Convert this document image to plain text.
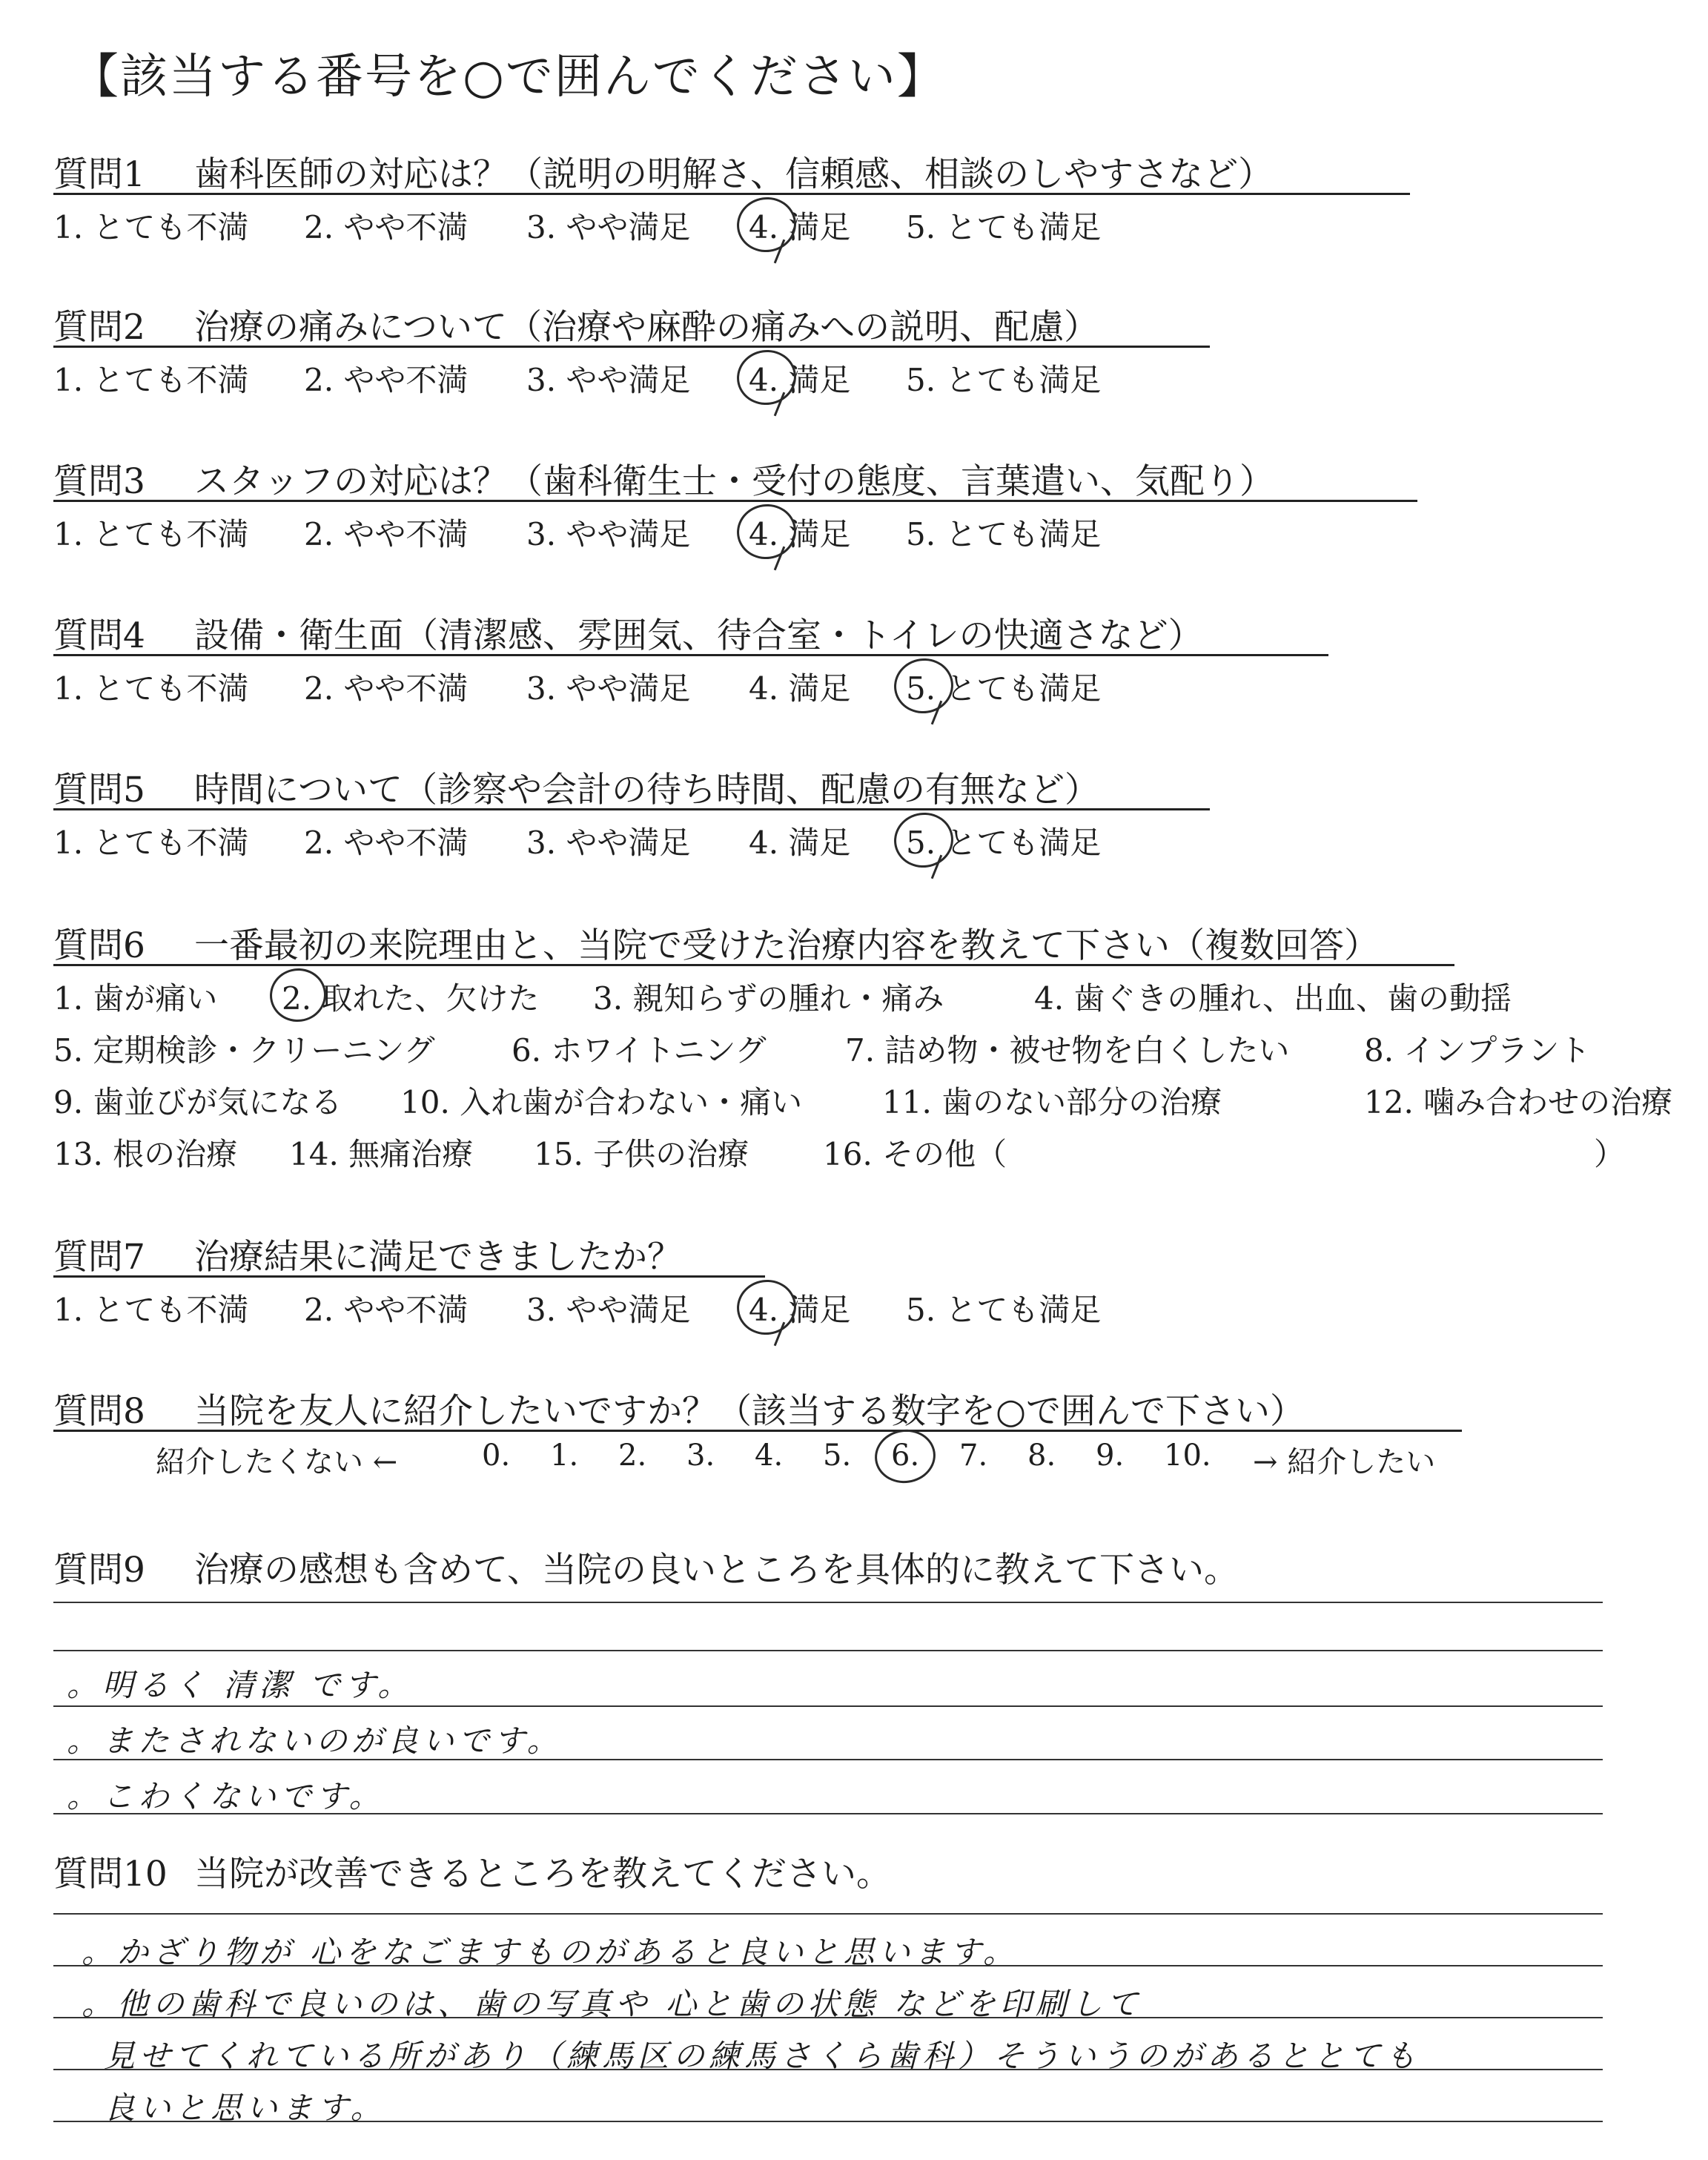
【該当する番号を○で囲んでください】
質問1 歯科医師の対応は？（説明の明解さ、信頼感、相談のしやすさなど）
1. とても不満 2. やや不満 3. やや満足 4. 満足 5. とても満足
質問2 治療の痛みについて（治療や麻酔の痛みへの説明、配慮）
1. とても不満 2. やや不満 3. やや満足 4. 満足 5. とても満足
質問3 スタッフの対応は？（歯科衛生士・受付の態度、言葉遣い、気配り）
1. とても不満 2. やや不満 3. やや満足 4. 満足 5. とても満足
質問4 設備・衛生面（清潔感、雰囲気、待合室・トイレの快適さなど）
1. とても不満 2. やや不満 3. やや満足 4. 満足 5. とても満足
質問5 時間について（診察や会計の待ち時間、配慮の有無など）
1. とても不満 2. やや不満 3. やや満足 4. 満足 5. とても満足
質問6 一番最初の来院理由と、当院で受けた治療内容を教えて下さい（複数回答）
1. 歯が痛い 2. 取れた、欠けた 3. 親知らずの腫れ・痛み	4. 歯ぐきの腫れ、出血、歯の動揺
5. 定期検診・クリーニング 6. ホワイトニング	7. 詰め物・被せ物を白くしたい 8. インプラント
9. 歯並びが気になる 10. 入れ歯が合わない・痛い	11. 歯のない部分の治療	12. 噛み合わせの治療
13. 根の治療 14. 無痛治療 15. 子供の治療 16. その他（	）
質問7 治療結果に満足できましたか？
1. とても不満 2. やや不満 3. やや満足 4. 満足 5. とても満足
質問8 当院を友人に紹介したいですか？（該当する数字を○で囲んで下さい）
紹介したくない ←	→ 紹介したい
0. 1. 2. 3. 4. 5. 6. 7. 8. 9. 10.
質問9 治療の感想も含めて、当院の良いところを具体的に教えて下さい。
。明るく 清潔 です。
。またされないのが良いです。
。こわくないです。
質問10 当院が改善できるところを教えてください。
。かざり物が 心をなごますものがあると良いと思います。
。他の歯科で良いのは、歯の写真や 心と歯の状態 などを印刷して
見せてくれている所があり（練馬区の練馬さくら歯科）そういうのがあるととても
良いと思います。
